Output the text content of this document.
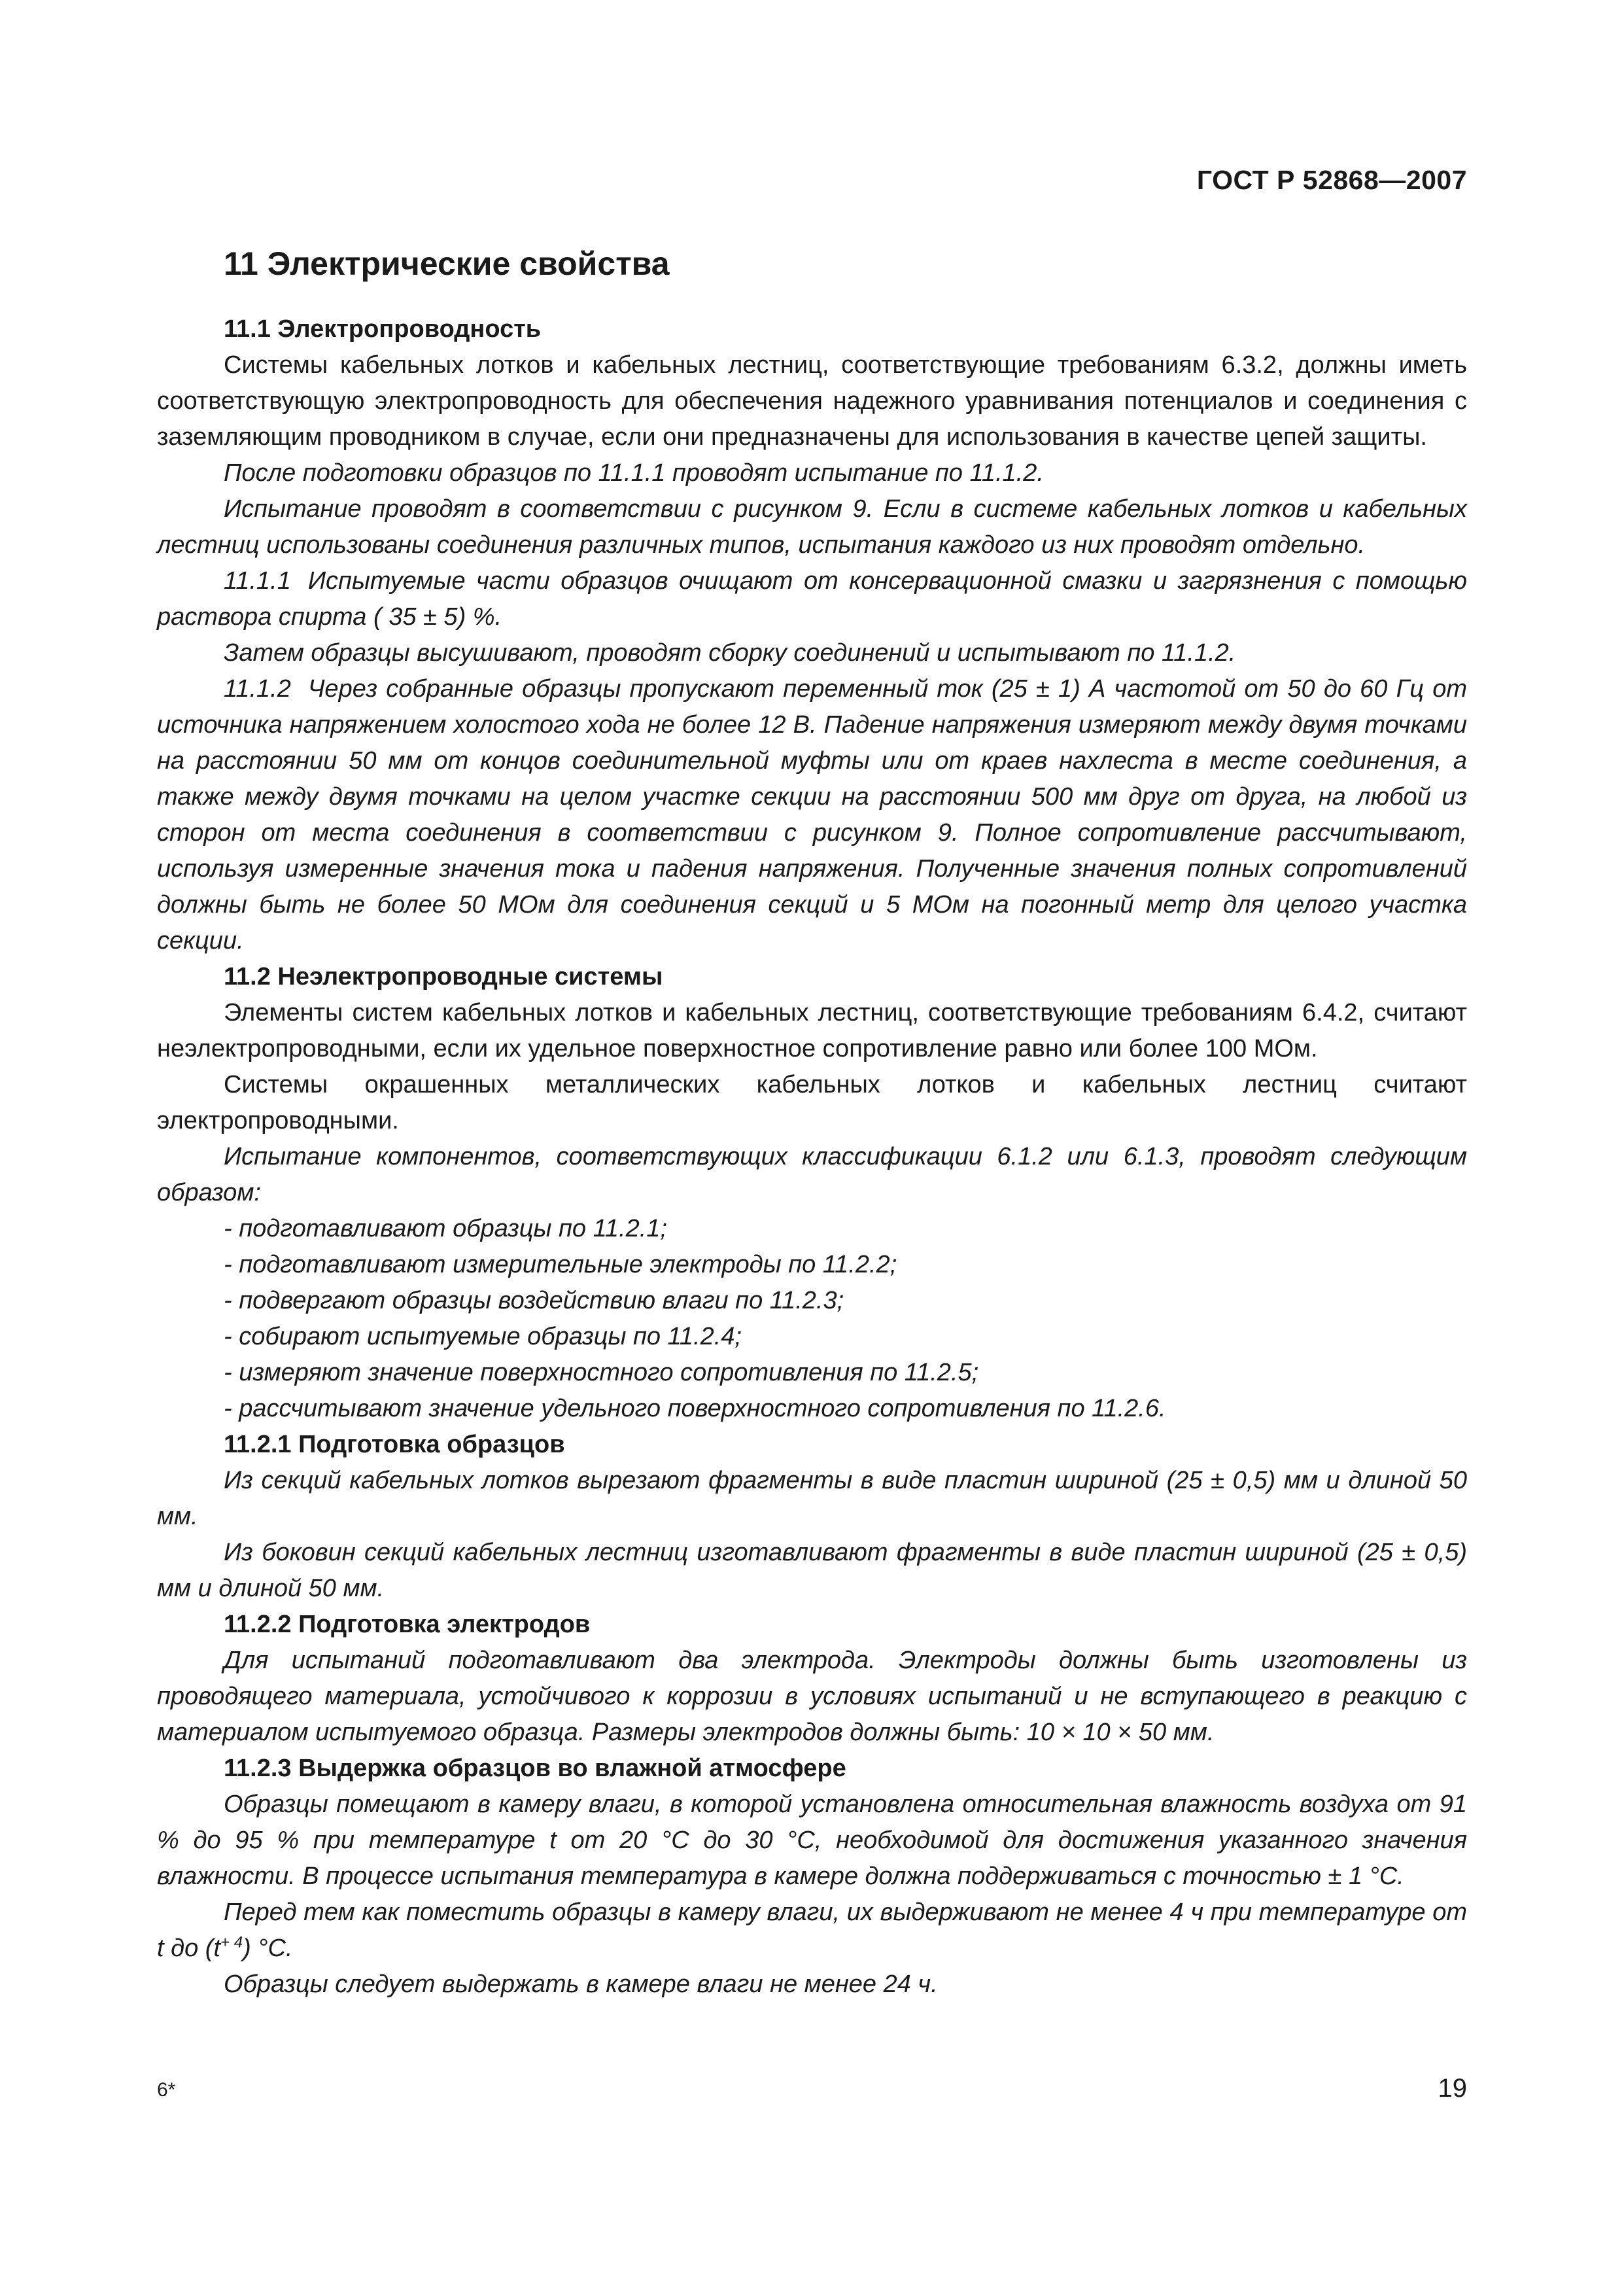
ГОСТ Р 52868—2007
11 Электрические свойства
11.1 Электропроводность

Системы кабельных лотков и кабельных лестниц, соответствующие требованиям 6.3.2, должны иметь соответствующую электропроводность для обеспечения надежного уравнивания потенциалов и соединения с заземляющим проводником в случае, если они предназначены для использования в качестве цепей защиты.

После подготовки образцов по 11.1.1 проводят испытание по 11.1.2.

Испытание проводят в соответствии с рисунком 9. Если в системе кабельных лотков и кабельных лестниц использованы соединения различных типов, испытания каждого из них проводят отдельно.

11.1.1 Испытуемые части образцов очищают от консервационной смазки и загрязнения с помощью раствора спирта ( 35 ± 5) %.

Затем образцы высушивают, проводят сборку соединений и испытывают по 11.1.2.

11.1.2 Через собранные образцы пропускают переменный ток (25 ± 1) А частотой от 50 до 60 Гц от источника напряжением холостого хода не более 12 В. Падение напряжения измеряют между двумя точками на расстоянии 50 мм от концов соединительной муфты или от краев нахлеста в месте соединения, а также между двумя точками на целом участке секции на расстоянии 500 мм друг от друга, на любой из сторон от места соединения в соответствии с рисунком 9. Полное сопротивление рассчитывают, используя измеренные значения тока и падения напряжения. Полученные значения полных сопротивлений должны быть не более 50 МОм для соединения секций и 5 МОм на погонный метр для целого участка секции.

11.2 Неэлектропроводные системы

Элементы систем кабельных лотков и кабельных лестниц, соответствующие требованиям 6.4.2, считают неэлектропроводными, если их удельное поверхностное сопротивление равно или более 100 МОм.

Системы окрашенных металлических кабельных лотков и кабельных лестниц считают электропроводными.

Испытание компонентов, соответствующих классификации 6.1.2 или 6.1.3, проводят следующим образом:

- подготавливают образцы по 11.2.1;
- подготавливают измерительные электроды по 11.2.2;
- подвергают образцы воздействию влаги по 11.2.3;
- собирают испытуемые образцы по 11.2.4;
- измеряют значение поверхностного сопротивления по 11.2.5;
- рассчитывают значение удельного поверхностного сопротивления по 11.2.6.
11.2.1 Подготовка образцов

Из секций кабельных лотков вырезают фрагменты в виде пластин шириной (25 ± 0,5) мм и длиной 50 мм.

Из боковин секций кабельных лестниц изготавливают фрагменты в виде пластин шириной (25 ± 0,5) мм и длиной 50 мм.

11.2.2 Подготовка электродов

Для испытаний подготавливают два электрода. Электроды должны быть изготовлены из проводящего материала, устойчивого к коррозии в условиях испытаний и не вступающего в реакцию с материалом испытуемого образца. Размеры электродов должны быть: 10 × 10 × 50 мм.

11.2.3 Выдержка образцов во влажной атмосфере

Образцы помещают в камеру влаги, в которой установлена относительная влажность воздуха от 91 % до 95 % при температуре t от 20 °С до 30 °С, необходимой для достижения указанного значения влажности. В процессе испытания температура в камере должна поддерживаться с точностью ± 1 °С.

Перед тем как поместить образцы в камеру влаги, их выдерживают не менее 4 ч при температуре от t до $(t^{+ 4})$ °С.

Образцы следует выдержать в камере влаги не менее 24 ч.

6*	19
